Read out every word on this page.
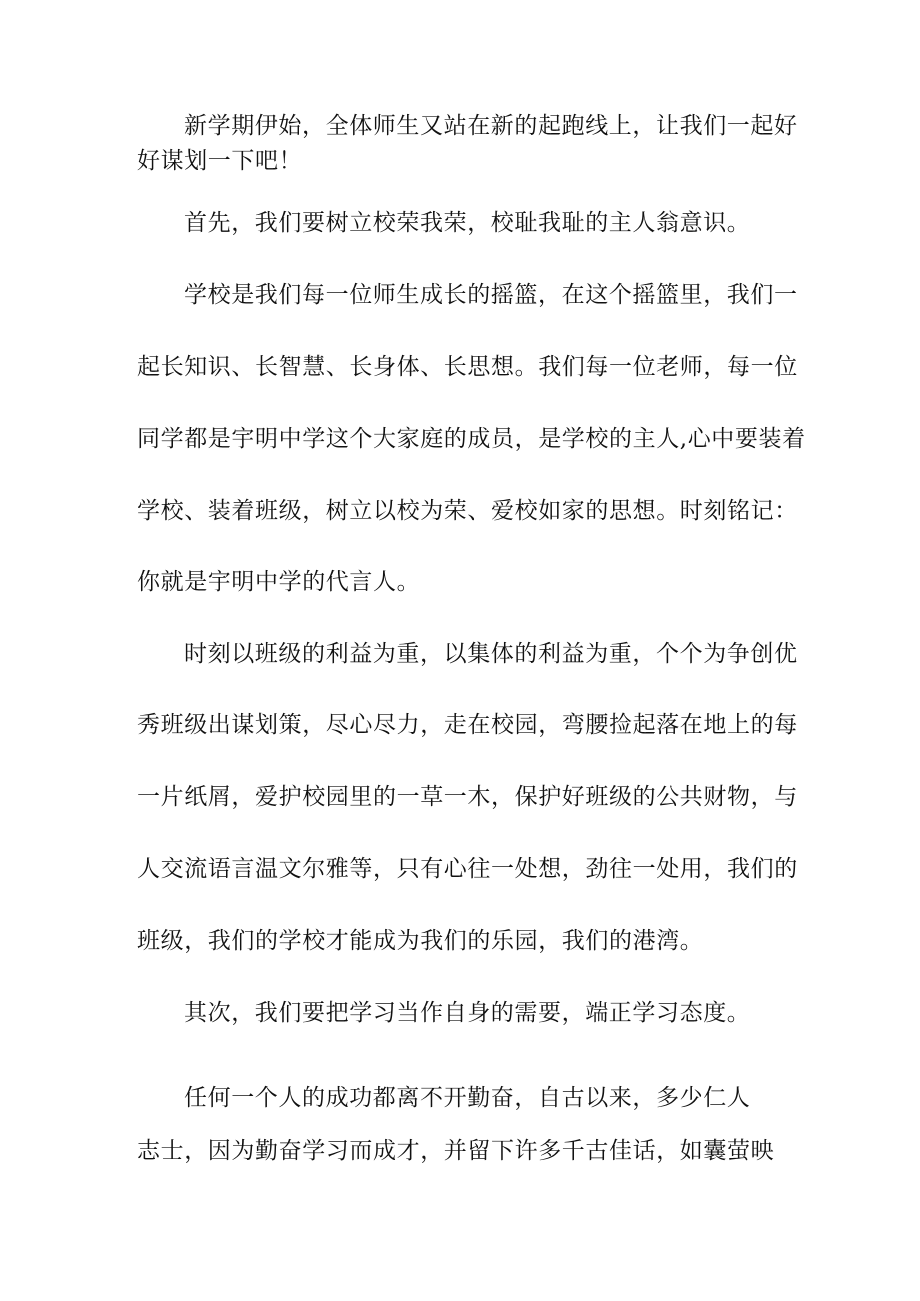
新学期伊始，全体师生又站在新的起跑线上，让我们一起好
好谋划一下吧！
首先，我们要树立校荣我荣，校耻我耻的主人翁意识。
学校是我们每一位师生成长的摇篮，在这个摇篮里，我们一
起长知识、长智慧、长身体、长思想。我们每一位老师，每一位
同学都是宇明中学这个大家庭的成员，是学校的主人,心中要装着
学校、装着班级，树立以校为荣、爱校如家的思想。时刻铭记：
你就是宇明中学的代言人。
时刻以班级的利益为重，以集体的利益为重，个个为争创优
秀班级出谋划策，尽心尽力，走在校园，弯腰捡起落在地上的每
一片纸屑，爱护校园里的一草一木，保护好班级的公共财物，与
人交流语言温文尔雅等，只有心往一处想，劲往一处用，我们的
班级，我们的学校才能成为我们的乐园，我们的港湾。
其次，我们要把学习当作自身的需要，端正学习态度。
任何一个人的成功都离不开勤奋，自古以来，多少仁人
志士，因为勤奋学习而成才，并留下许多千古佳话，如囊萤映
